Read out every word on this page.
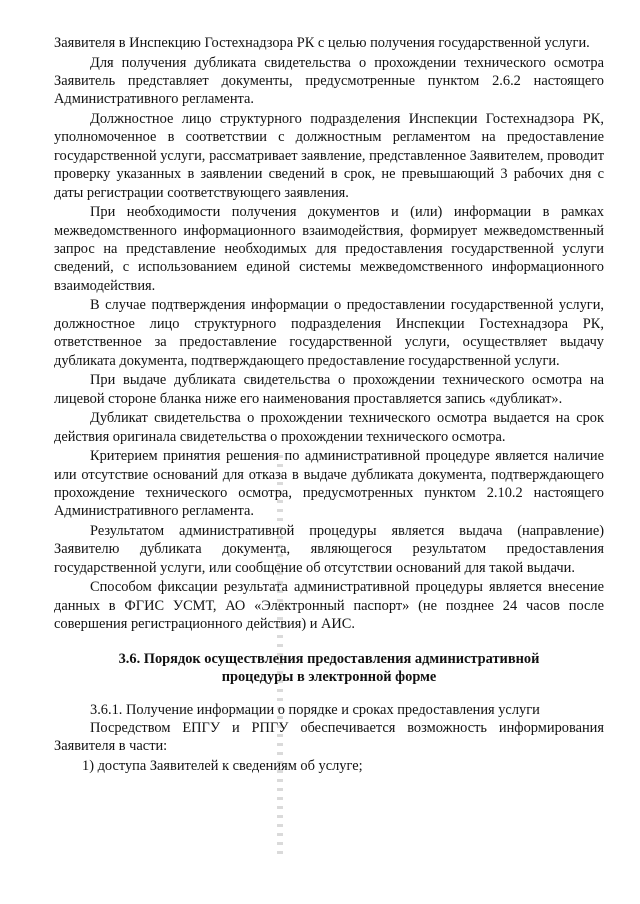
Заявителя в Инспекцию Гостехнадзора РК с целью получения государственной услуги.

Для получения дубликата свидетельства о прохождении технического осмотра Заявитель представляет документы, предусмотренные пунктом 2.6.2 настоящего Административного регламента.

Должностное лицо структурного подразделения Инспекции Гостехнадзора РК, уполномоченное в соответствии с должностным регламентом на предоставление государственной услуги, рассматривает заявление, представленное Заявителем, проводит проверку указанных в заявлении сведений в срок, не превышающий 3 рабочих дня с даты регистрации соответствующего заявления.

При необходимости получения документов и (или) информации в рамках межведомственного информационного взаимодействия, формирует межведомственный запрос на представление необходимых для предоставления государственной услуги сведений, с использованием единой системы межведомственного информационного взаимодействия.

В случае подтверждения информации о предоставлении государственной услуги, должностное лицо структурного подразделения Инспекции Гостехнадзора РК, ответственное за предоставление государственной услуги, осуществляет выдачу дубликата документа, подтверждающего предоставление государственной услуги.

При выдаче дубликата свидетельства о прохождении технического осмотра на лицевой стороне бланка ниже его наименования проставляется запись «дубликат».

Дубликат свидетельства о прохождении технического осмотра выдается на срок действия оригинала свидетельства о прохождении технического осмотра.

Критерием принятия решения по административной процедуре является наличие или отсутствие оснований для отказа в выдаче дубликата документа, подтверждающего прохождение технического осмотра, предусмотренных пунктом 2.10.2 настоящего Административного регламента.

Результатом административной процедуры является выдача (направление) Заявителю дубликата документа, являющегося результатом предоставления государственной услуги, или сообщение об отсутствии оснований для такой выдачи.

Способом фиксации результата административной процедуры является внесение данных в ФГИС УСМТ, АО «Электронный паспорт» (не позднее 24 часов после совершения регистрационного действия) и АИС.

3.6. Порядок осуществления предоставления административной
процедуры в электронной форме

3.6.1. Получение информации о порядке и сроках предоставления услуги

Посредством ЕПГУ и РПГУ обеспечивается возможность информирования Заявителя в части:

1) доступа Заявителей к сведениям об услуге;
